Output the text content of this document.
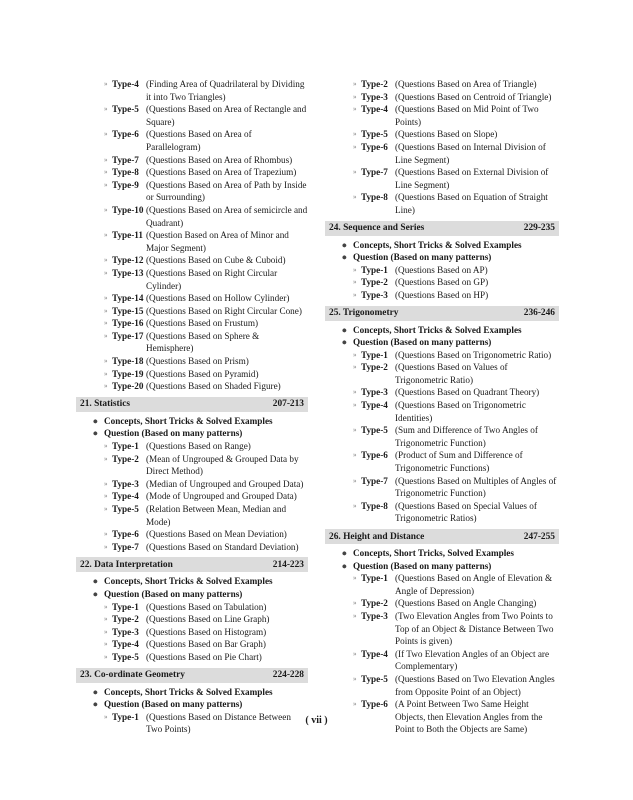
» Type-4 (Finding Area of Quadrilateral by Dividing it into Two Triangles)
» Type-5 (Questions Based on Area of Rectangle and Square)
» Type-6 (Questions Based on Area of Parallelogram)
» Type-7 (Questions Based on Area of Rhombus)
» Type-8 (Questions Based on Area of Trapezium)
» Type-9 (Questions Based on Area of Path by Inside or Surrounding)
» Type-10 (Questions Based on Area of semicircle and Quadrant)
» Type-11 (Question Based on Area of Minor and Major Segment)
» Type-12 (Questions Based on Cube & Cuboid)
» Type-13 (Questions Based on Right Circular Cylinder)
» Type-14 (Questions Based on Hollow Cylinder)
» Type-15 (Questions Based on Right Circular Cone)
» Type-16 (Questions Based on Frustum)
» Type-17 (Questions Based on Sphere & Hemisphere)
» Type-18 (Questions Based on Prism)
» Type-19 (Questions Based on Pyramid)
» Type-20 (Questions Based on Shaded Figure)
21. Statistics	207-213
● Concepts, Short Tricks & Solved Examples
● Question (Based on many patterns)
» Type-1 (Questions Based on Range)
» Type-2 (Mean of Ungrouped & Grouped Data by Direct Method)
» Type-3 (Median of Ungrouped and Grouped Data)
» Type-4 (Mode of Ungrouped and Grouped Data)
» Type-5 (Relation Between Mean, Median and Mode)
» Type-6 (Questions Based on Mean Deviation)
» Type-7 (Questions Based on Standard Deviation)
22. Data Interpretation	214-223
● Concepts, Short Tricks & Solved Examples
● Question (Based on many patterns)
» Type-1 (Questions Based on Tabulation)
» Type-2 (Questions Based on Line Graph)
» Type-3 (Questions Based on Histogram)
» Type-4 (Questions Based on Bar Graph)
» Type-5 (Questions Based on Pie Chart)
23. Co-ordinate Geometry	224-228
● Concepts, Short Tricks & Solved Examples
● Question (Based on many patterns)
» Type-1 (Questions Based on Distance Between Two Points)
» Type-2 (Questions Based on Area of Triangle)
» Type-3 (Questions Based on Centroid of Triangle)
» Type-4 (Questions Based on Mid Point of Two Points)
» Type-5 (Questions Based on Slope)
» Type-6 (Questions Based on Internal Division of Line Segment)
» Type-7 (Questions Based on External Division of Line Segment)
» Type-8 (Questions Based on Equation of Straight Line)
24. Sequence and Series	229-235
● Concepts, Short Tricks & Solved Examples
● Question (Based on many patterns)
» Type-1 (Questions Based on AP)
» Type-2 (Questions Based on GP)
» Type-3 (Questions Based on HP)
25. Trigonometry	236-246
● Concepts, Short Tricks & Solved Examples
● Question (Based on many patterns)
» Type-1 (Questions Based on Trigonometric Ratio)
» Type-2 (Questions Based on Values of Trigonometric Ratio)
» Type-3 (Questions Based on Quadrant Theory)
» Type-4 (Questions Based on Trigonometric Identities)
» Type-5 (Sum and Difference of Two Angles of Trigonometric Function)
» Type-6 (Product of Sum and Difference of Trigonometric Functions)
» Type-7 (Questions Based on Multiples of Angles of Trigonometric Function)
» Type-8 (Questions Based on Special Values of Trigonometric Ratios)
26. Height and Distance	247-255
● Concepts, Short Tricks, Solved Examples
● Question (Based on many patterns)
» Type-1 (Questions Based on Angle of Elevation & Angle of Depression)
» Type-2 (Questions Based on Angle Changing)
» Type-3 (Two Elevation Angles from Two Points to Top of an Object & Distance Between Two Points is given)
» Type-4 (If Two Elevation Angles of an Object are Complementary)
» Type-5 (Questions Based on Two Elevation Angles from Opposite Point of an Object)
» Type-6 (A Point Between Two Same Height Objects, then Elevation Angles from the Point to Both the Objects are Same)
( vii )
